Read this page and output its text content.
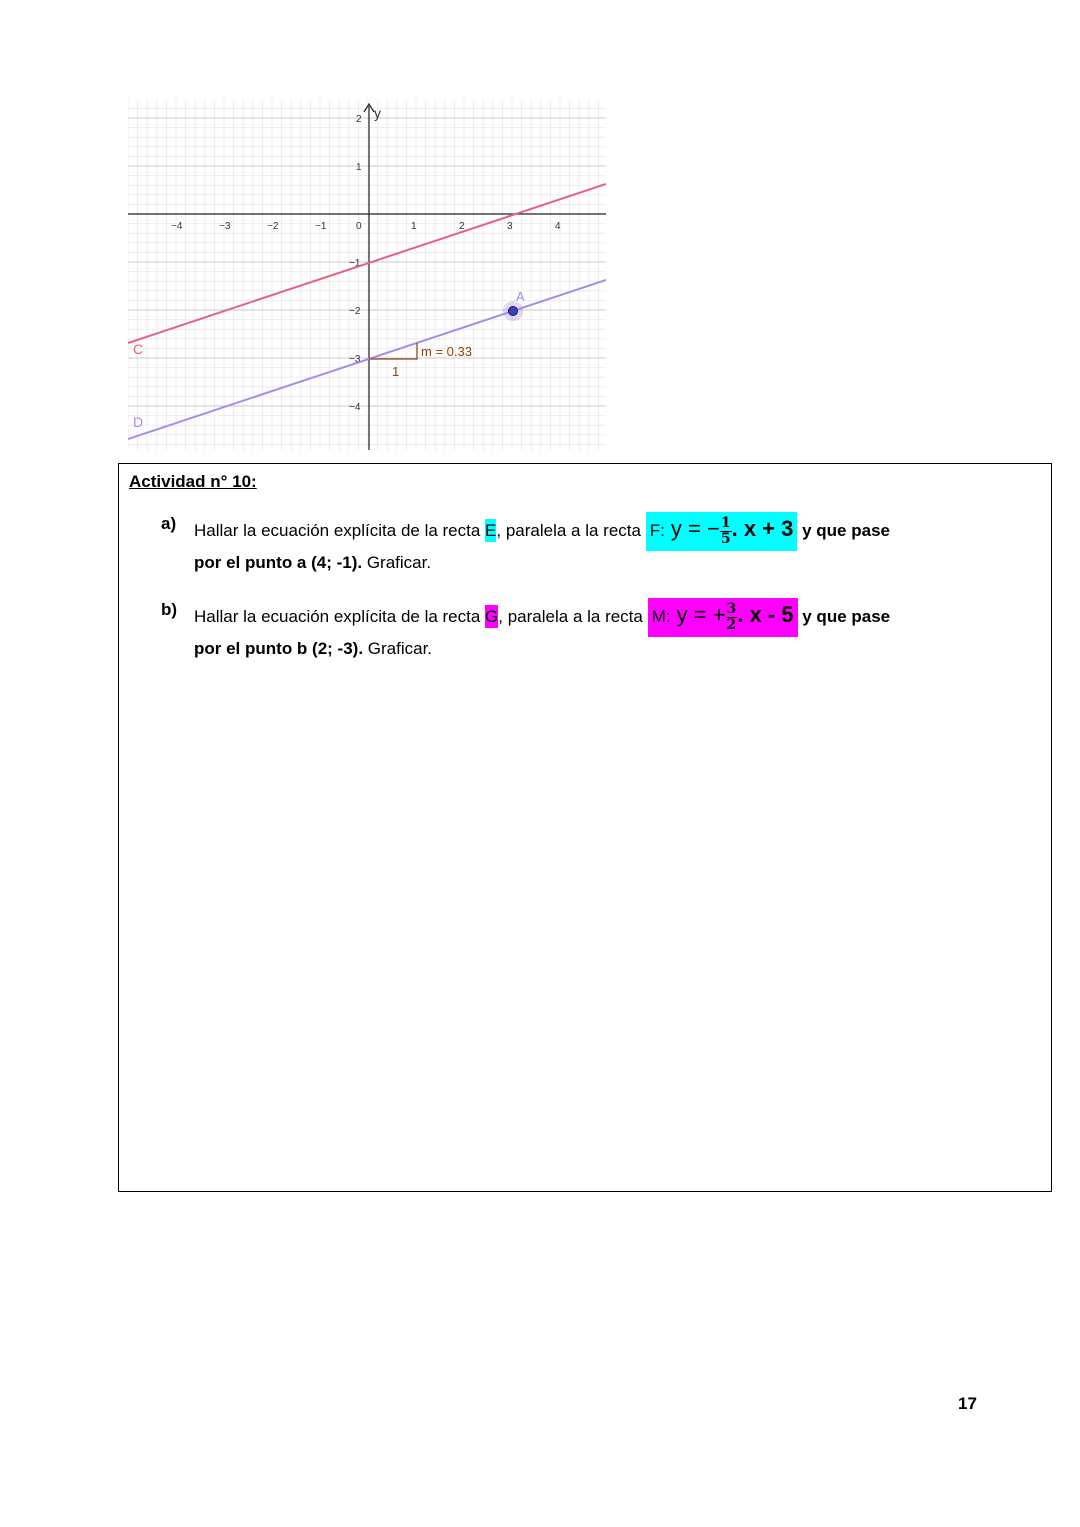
−4	−3	−2	−1	0	1	2	3	4
2
1
−1
−2
−3
−4
A
C
D
y
m = 0.33
1
Actividad n° 10:
a) Hallar la ecuación explícita de la recta E, paralela a la recta F: y = − $\frac{1}{5}$ . x + 3 y que pase
por el punto a (4; -1). Graficar.
b) Hallar la ecuación explícita de la recta G, paralela a la recta M: y = + $\frac{3}{2}$ . x - 5 y que pase
por el punto b (2; -3). Graficar.
17
